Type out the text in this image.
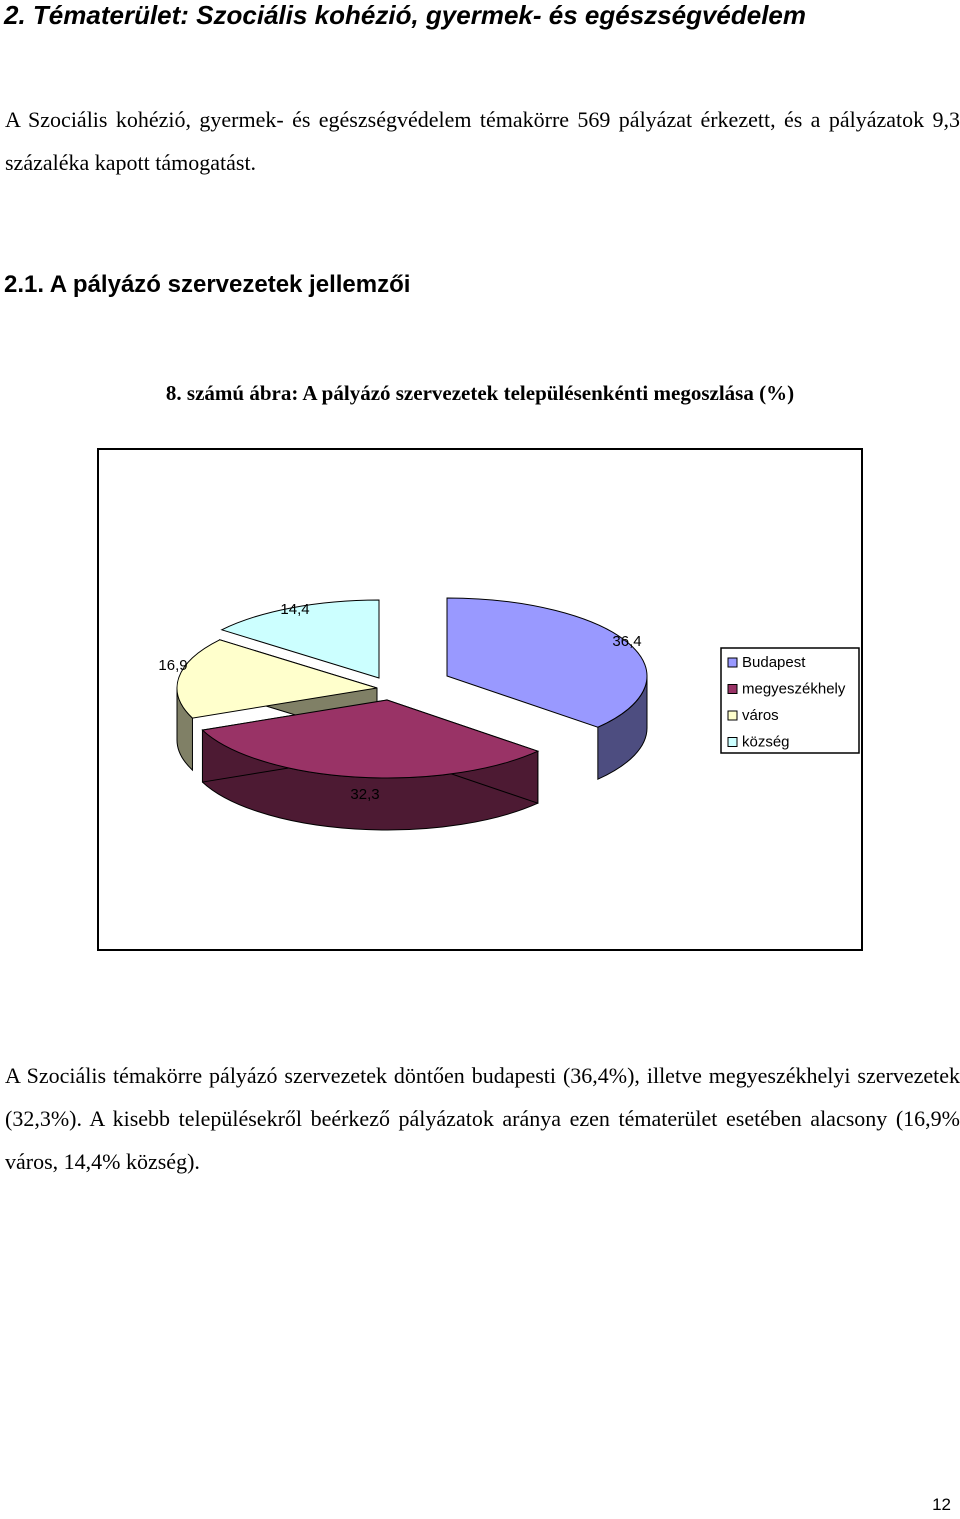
2. Tématerület: Szociális kohézió, gyermek- és egészségvédelem

A Szociális kohézió, gyermek- és egészségvédelem témakörre 569 pályázat érkezett, és a pályázatok 9,3 százaléka kapott támogatást.

2.1. A pályázó szervezetek jellemzői

8. számú ábra: A pályázó szervezetek településenkénti megoszlása (%)

36,4
32,3
16,9
14,4
Budapest
megyeszékhely
város
község

A Szociális témakörre pályázó szervezetek döntően budapesti (36,4%), illetve megyeszékhelyi szervezetek (32,3%). A kisebb településekről beérkező pályázatok aránya ezen tématerület esetében alacsony (16,9% város, 14,4% község).

12
